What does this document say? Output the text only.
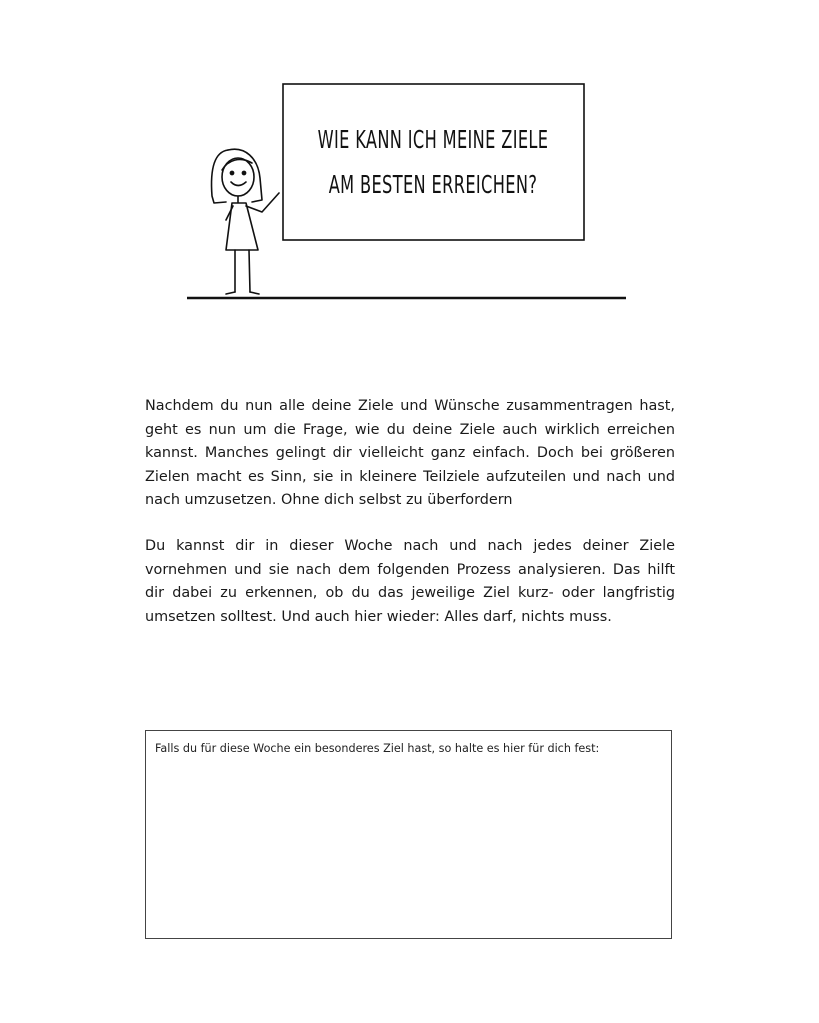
WIE KANN ICH MEINE ZIELE
AM BESTEN ERREICHEN?

Nachdem du nun alle deine Ziele und Wünsche zusammentragen hast, geht es nun um die Frage, wie du deine Ziele auch wirklich erreichen kannst. Manches gelingt dir vielleicht ganz einfach. Doch bei größeren Zielen macht es Sinn, sie in kleinere Teilziele aufzuteilen und nach und nach umzusetzen. Ohne dich selbst zu überfordern

Du kannst dir in dieser Woche nach und nach jedes deiner Ziele vornehmen und sie nach dem folgenden Prozess analysieren. Das hilft dir dabei zu erkennen, ob du das jeweilige Ziel kurz- oder langfristig umsetzen solltest. Und auch hier wieder: Alles darf, nichts muss.

Falls du für diese Woche ein besonderes Ziel hast, so halte es hier für dich fest:
